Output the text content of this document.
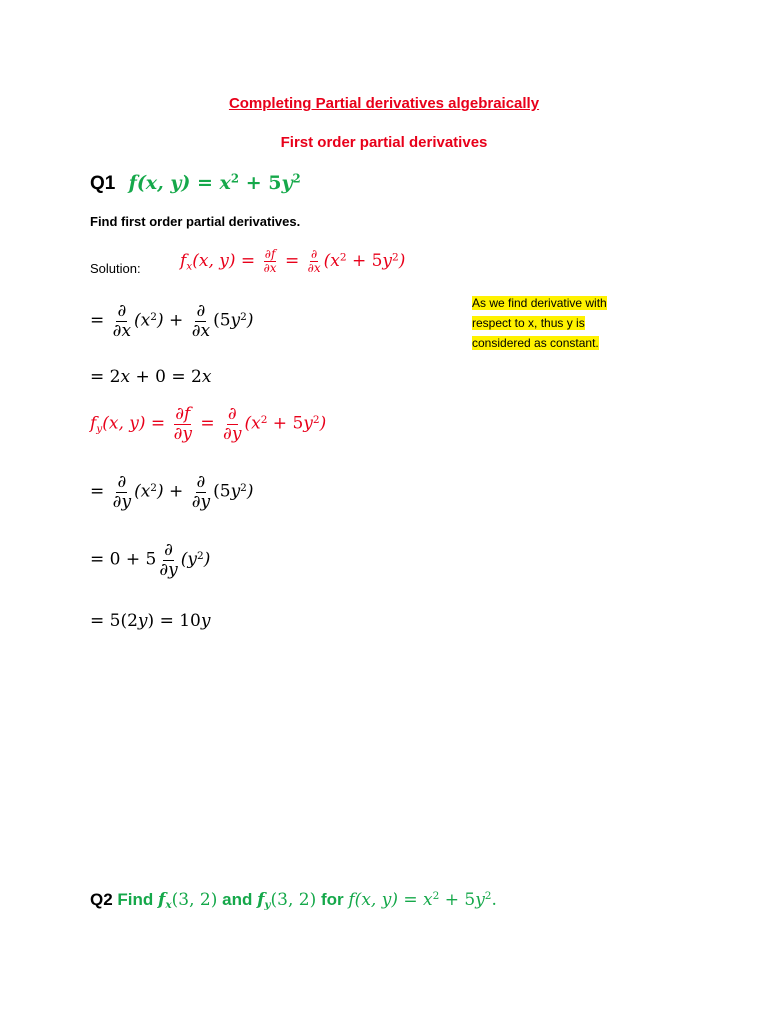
Completing Partial derivatives algebraically
First order partial derivatives
Q1 f(x, $y) = x^2 + 5y^2$
Find first order partial derivatives.
Solution: $f_x(x$, $y) = \frac{\partial f}{\partial x} = \frac{\partial}{\partial x} (x^2 + 5y^2)$
As we find derivative with
respect to x, thus y is
considered as constant.
= $\frac{\partial}{\partial x} (x^2) + \frac{\partial}{\partial x} (5y^2)$
= 2x + 0 = 2x
$f_y(x$, $y) = \frac{\partial f}{\partial y} = \frac{\partial}{\partial y} (x^2 + 5y^2)$
= $\frac{\partial}{\partial y} (x^2) + \frac{\partial}{\partial y} (5y^2)$
= $0 + 5 \frac{\partial}{\partial y} (y^2)$
= 5(2y) = 10y
Q2 Find $f_x(3$, 2) and $f_y(3$, 2) for f(x, $y) = x^2 + 5y^2$.
